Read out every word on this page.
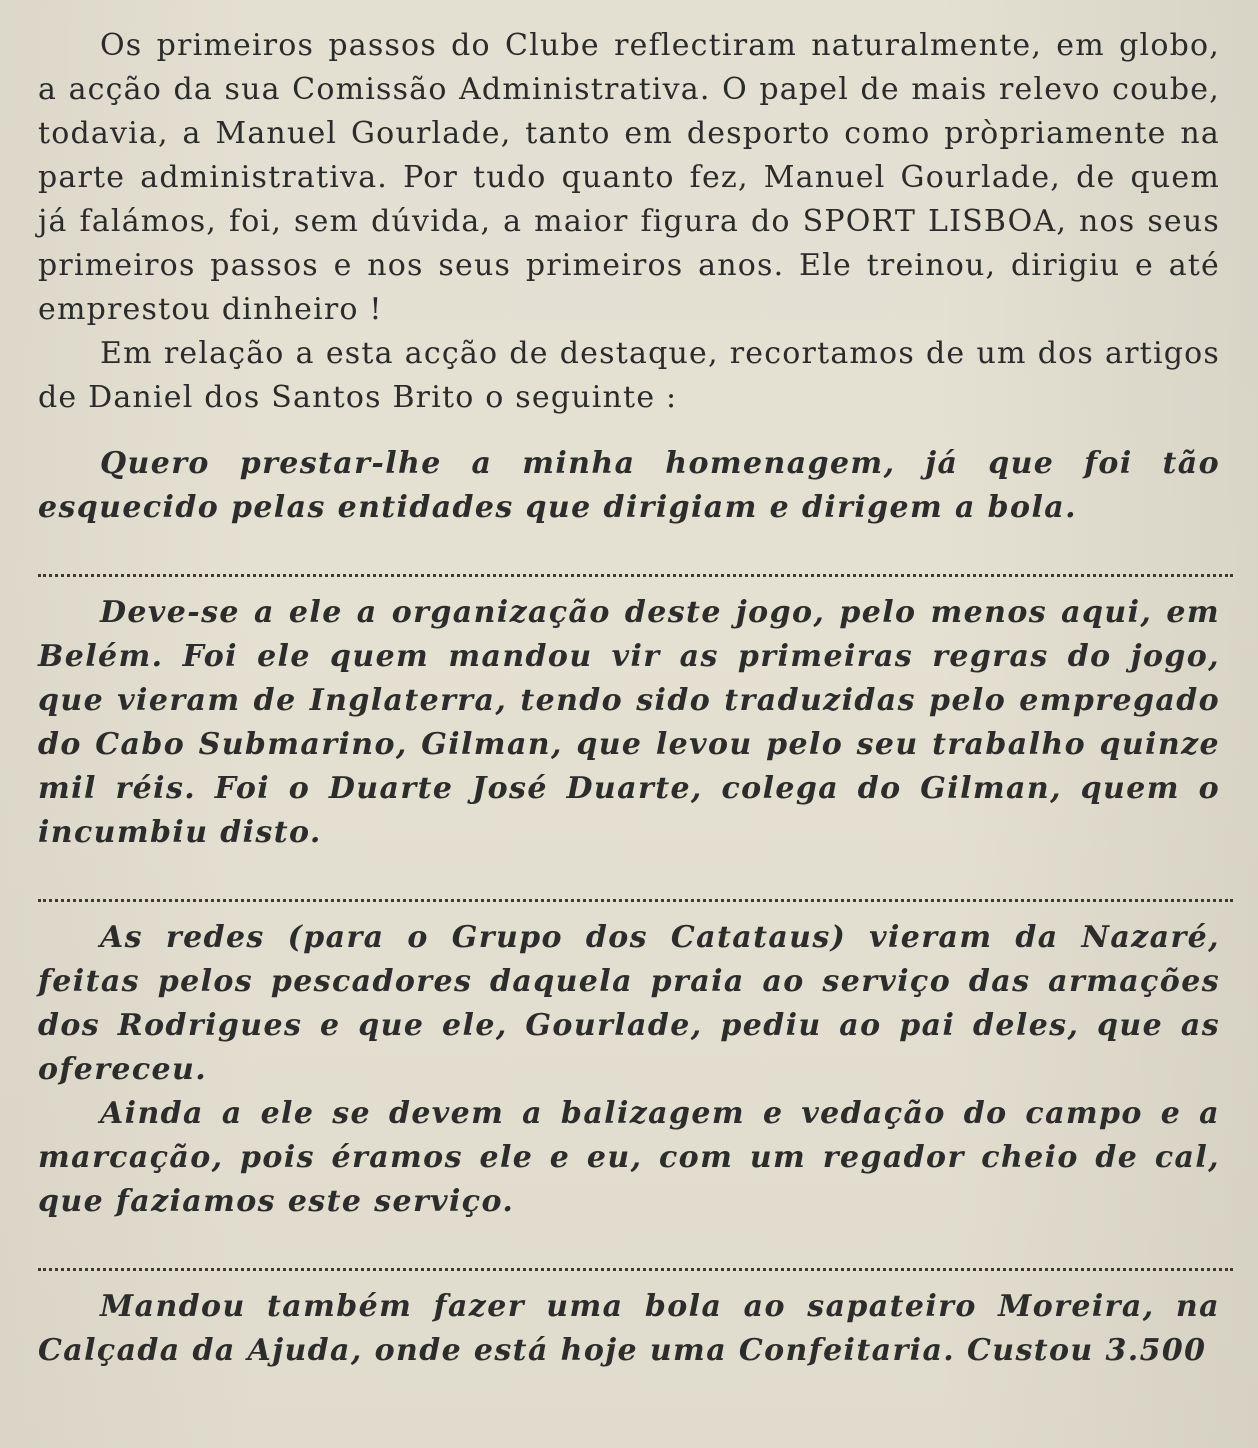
Os primeiros passos do Clube reflectiram naturalmente, em globo, a acção da sua Comissão Administrativa. O papel de mais relevo coube, todavia, a Manuel Gourlade, tanto em desporto como pròpriamente na parte administrativa. Por tudo quanto fez, Manuel Gourlade, de quem já falámos, foi, sem dúvida, a maior figura do SPORT LISBOA, nos seus primeiros passos e nos seus primeiros anos. Ele treinou, dirigiu e até emprestou dinheiro !

Em relação a esta acção de destaque, recortamos de um dos artigos de Daniel dos Santos Brito o seguinte :

Quero prestar-lhe a minha homenagem, já que foi tão esquecido pelas entidades que dirigiam e dirigem a bola.

Deve-se a ele a organização deste jogo, pelo menos aqui, em Belém. Foi ele quem mandou vir as primeiras regras do jogo, que vieram de Inglaterra, tendo sido traduzidas pelo empregado do Cabo Submarino, Gilman, que levou pelo seu trabalho quinze mil réis. Foi o Duarte José Duarte, colega do Gilman, quem o incumbiu disto.

As redes (para o Grupo dos Catataus) vieram da Nazaré, feitas pelos pescadores daquela praia ao serviço das armações dos Rodrigues e que ele, Gourlade, pediu ao pai deles, que as ofereceu.

Ainda a ele se devem a balizagem e vedação do campo e a marcação, pois éramos ele e eu, com um regador cheio de cal, que faziamos este serviço.

Mandou também fazer uma bola ao sapateiro Moreira, na Calçada da Ajuda, onde está hoje uma Confeitaria. Custou 3.500
